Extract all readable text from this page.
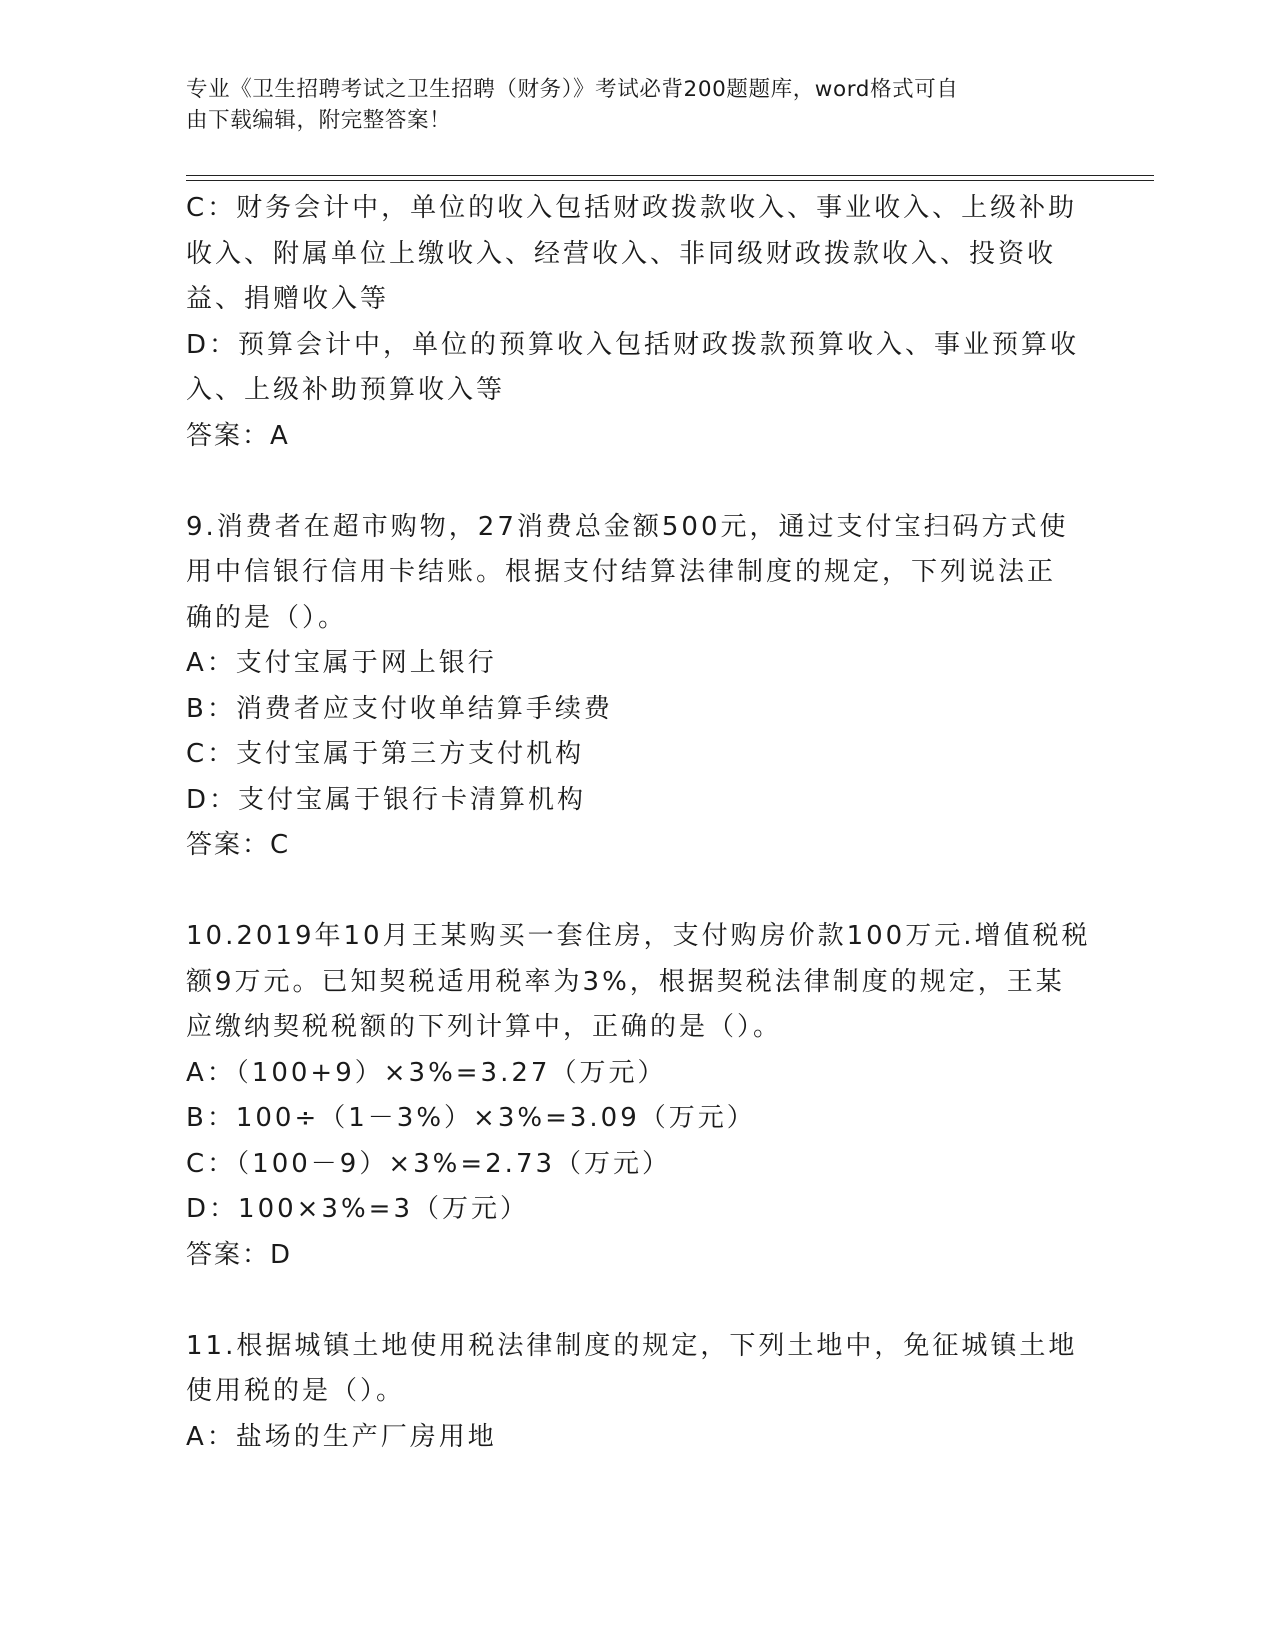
专业《卫生招聘考试之卫生招聘（财务）》考试必背200题题库，word格式可自
由下载编辑，附完整答案！
C：财务会计中，单位的收入包括财政拨款收入、事业收入、上级补助
收入、附属单位上缴收入、经营收入、非同级财政拨款收入、投资收
益、捐赠收入等
D：预算会计中，单位的预算收入包括财政拨款预算收入、事业预算收
入、上级补助预算收入等
答案：A
9.消费者在超市购物，27消费总金额500元，通过支付宝扫码方式使
用中信银行信用卡结账。根据支付结算法律制度的规定，下列说法正
确的是（）。
A：支付宝属于网上银行
B：消费者应支付收单结算手续费
C：支付宝属于第三方支付机构
D：支付宝属于银行卡清算机构
答案：C
10.2019年10月王某购买一套住房，支付购房价款100万元.增值税税
额9万元。已知契税适用税率为3%，根据契税法律制度的规定，王某
应缴纳契税税额的下列计算中，正确的是（）。
A：（100+9）×3%=3.27（万元）
B：100÷（1－3%）×3%=3.09（万元）
C：（100－9）×3%=2.73（万元）
D：100×3%=3（万元）
答案：D
11.根据城镇土地使用税法律制度的规定，下列土地中，免征城镇土地
使用税的是（）。
A：盐场的生产厂房用地
